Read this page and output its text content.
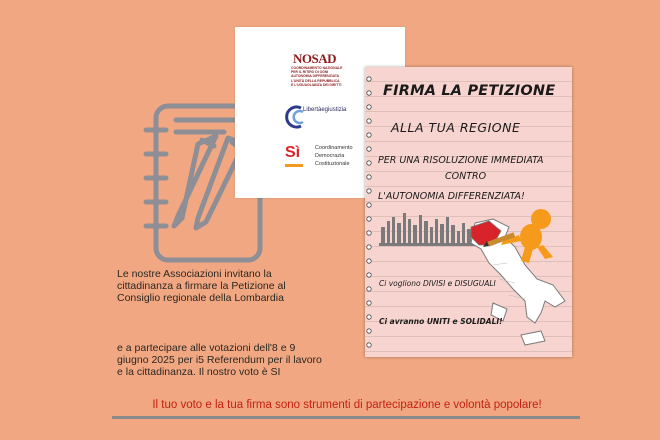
NOSAD
COORDINAMENTO NAZIONALE
PER IL RITIRO DI OGNI
AUTONOMIA DIFFERENZIATA
L'UNITÀ DELLA REPUBBLICA
E L'UGUAGLIANZA DEI DIRITTI
Libertàegiustizia
Sì	Coordinamento
Democrazia
Costituzionale
FIRMA LA PETIZIONE
ALLA TUA REGIONE
PER UNA RISOLUZIONE IMMEDIATA
CONTRO
L'AUTONOMIA DIFFERENZIATA!
Ci vogliono DIVISI e DISUGUALI
Ci avranno UNITI e SOLIDALI!

Le nostre Associazioni invitano la
cittadinanza a firmare la Petizione al
Consiglio regionale della Lombardia

e a partecipare alle votazioni dell'8 e 9
giugno 2025 per i5 Referendum per il lavoro
e la cittadinanza. Il nostro voto è SI

Il tuo voto e la tua firma sono strumenti di partecipazione e volontà popolare!
